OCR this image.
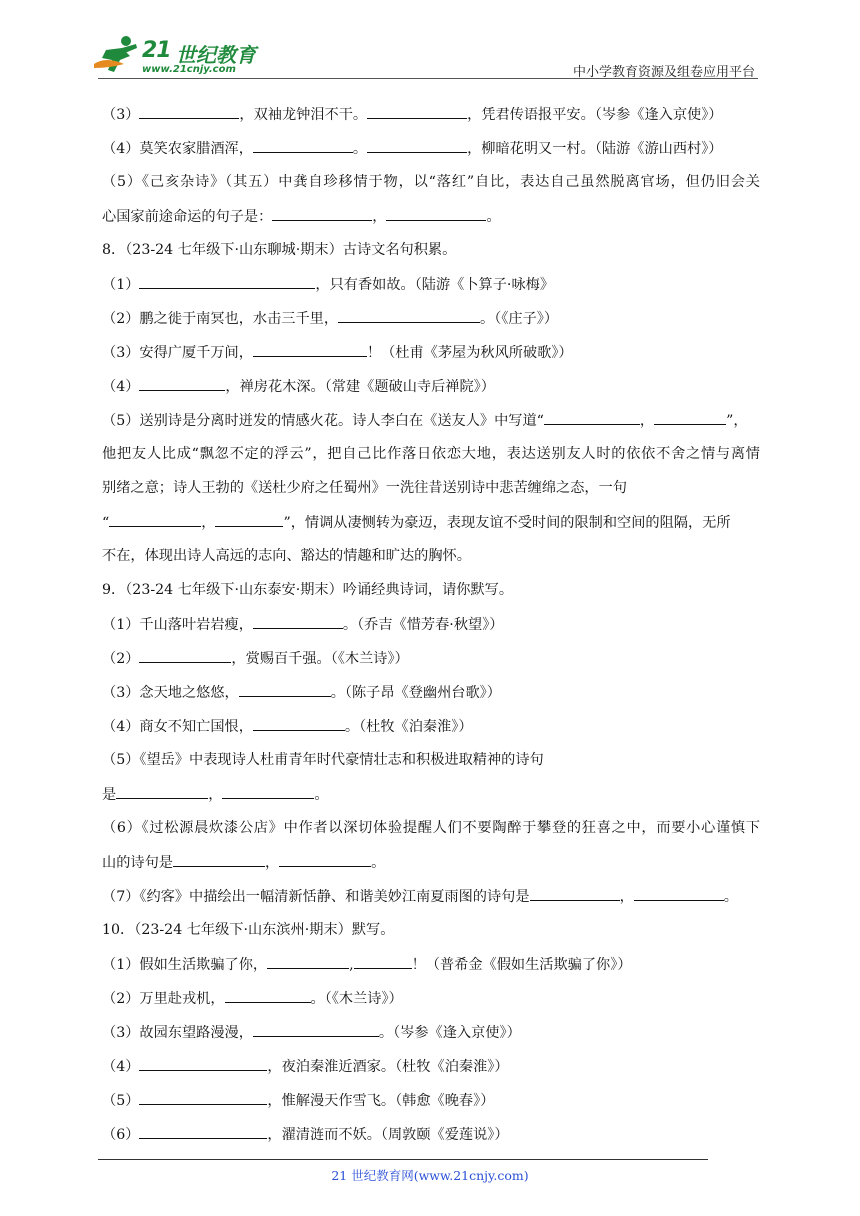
21 世纪教育
www.21cnjy.com	中小学教育资源及组卷应用平台
（3）	，双袖龙钟泪不干。	，凭君传语报平安。（岑参《逢入京使》）
（4）莫笑农家腊酒浑，	。	，柳暗花明又一村。（陆游《游山西村》）
（5）《己亥杂诗》（其五）中龚自珍移情于物，以“落红”自比，表达自己虽然脱离官场，但仍旧会关
心国家前途命运的句子是：	，	。
8．（23-24 七年级下·山东聊城·期末）古诗文名句积累。
（1）	，只有香如故。（陆游《卜算子·咏梅》
（2）鹏之徙于南冥也，水击三千里，	。（《庄子》）
（3）安得广厦千万间，	！（杜甫《茅屋为秋风所破歌》）
（4）	，禅房花木深。（常建《题破山寺后禅院》）
（5）送别诗是分离时迸发的情感火花。诗人李白在《送友人》中写道“	，	”，
他把友人比成“飘忽不定的浮云”，把自己比作落日依恋大地，表达送别友人时的依依不舍之情与离情
别绪之意；诗人王勃的《送杜少府之任蜀州》一洗往昔送别诗中悲苦缠绵之态，一句
“	，	”，情调从凄恻转为豪迈，表现友谊不受时间的限制和空间的阻隔，无所
不在，体现出诗人高远的志向、豁达的情趣和旷达的胸怀。
9．（23-24 七年级下·山东泰安·期末）吟诵经典诗词，请你默写。
（1）千山落叶岩岩瘦，	。（乔吉《惜芳春·秋望》）
（2）	，赏赐百千强。（《木兰诗》）
（3）念天地之悠悠，	。（陈子昂《登幽州台歌》）
（4）商女不知亡国恨，	。（杜牧《泊秦淮》）
（5）《望岳》中表现诗人杜甫青年时代豪情壮志和积极进取精神的诗句
是	，	。
（6）《过松源晨炊漆公店》中作者以深切体验提醒人们不要陶醉于攀登的狂喜之中，而要小心谨慎下
山的诗句是	，	。
（7）《约客》中描绘出一幅清新恬静、和谐美妙江南夏雨图的诗句是	，	。
10．（23-24 七年级下·山东滨州·期末）默写。
（1）假如生活欺骗了你，	,	！（普希金《假如生活欺骗了你》）
（2）万里赴戎机，	。（《木兰诗》）
（3）故园东望路漫漫，	。（岑参《逢入京使》）
（4）	，夜泊秦淮近酒家。（杜牧《泊秦淮》）
（5）	，惟解漫天作雪飞。（韩愈《晚春》）
（6）	，濯清涟而不妖。（周敦颐《爱莲说》）
21 世纪教育网(www.21cnjy.com)
